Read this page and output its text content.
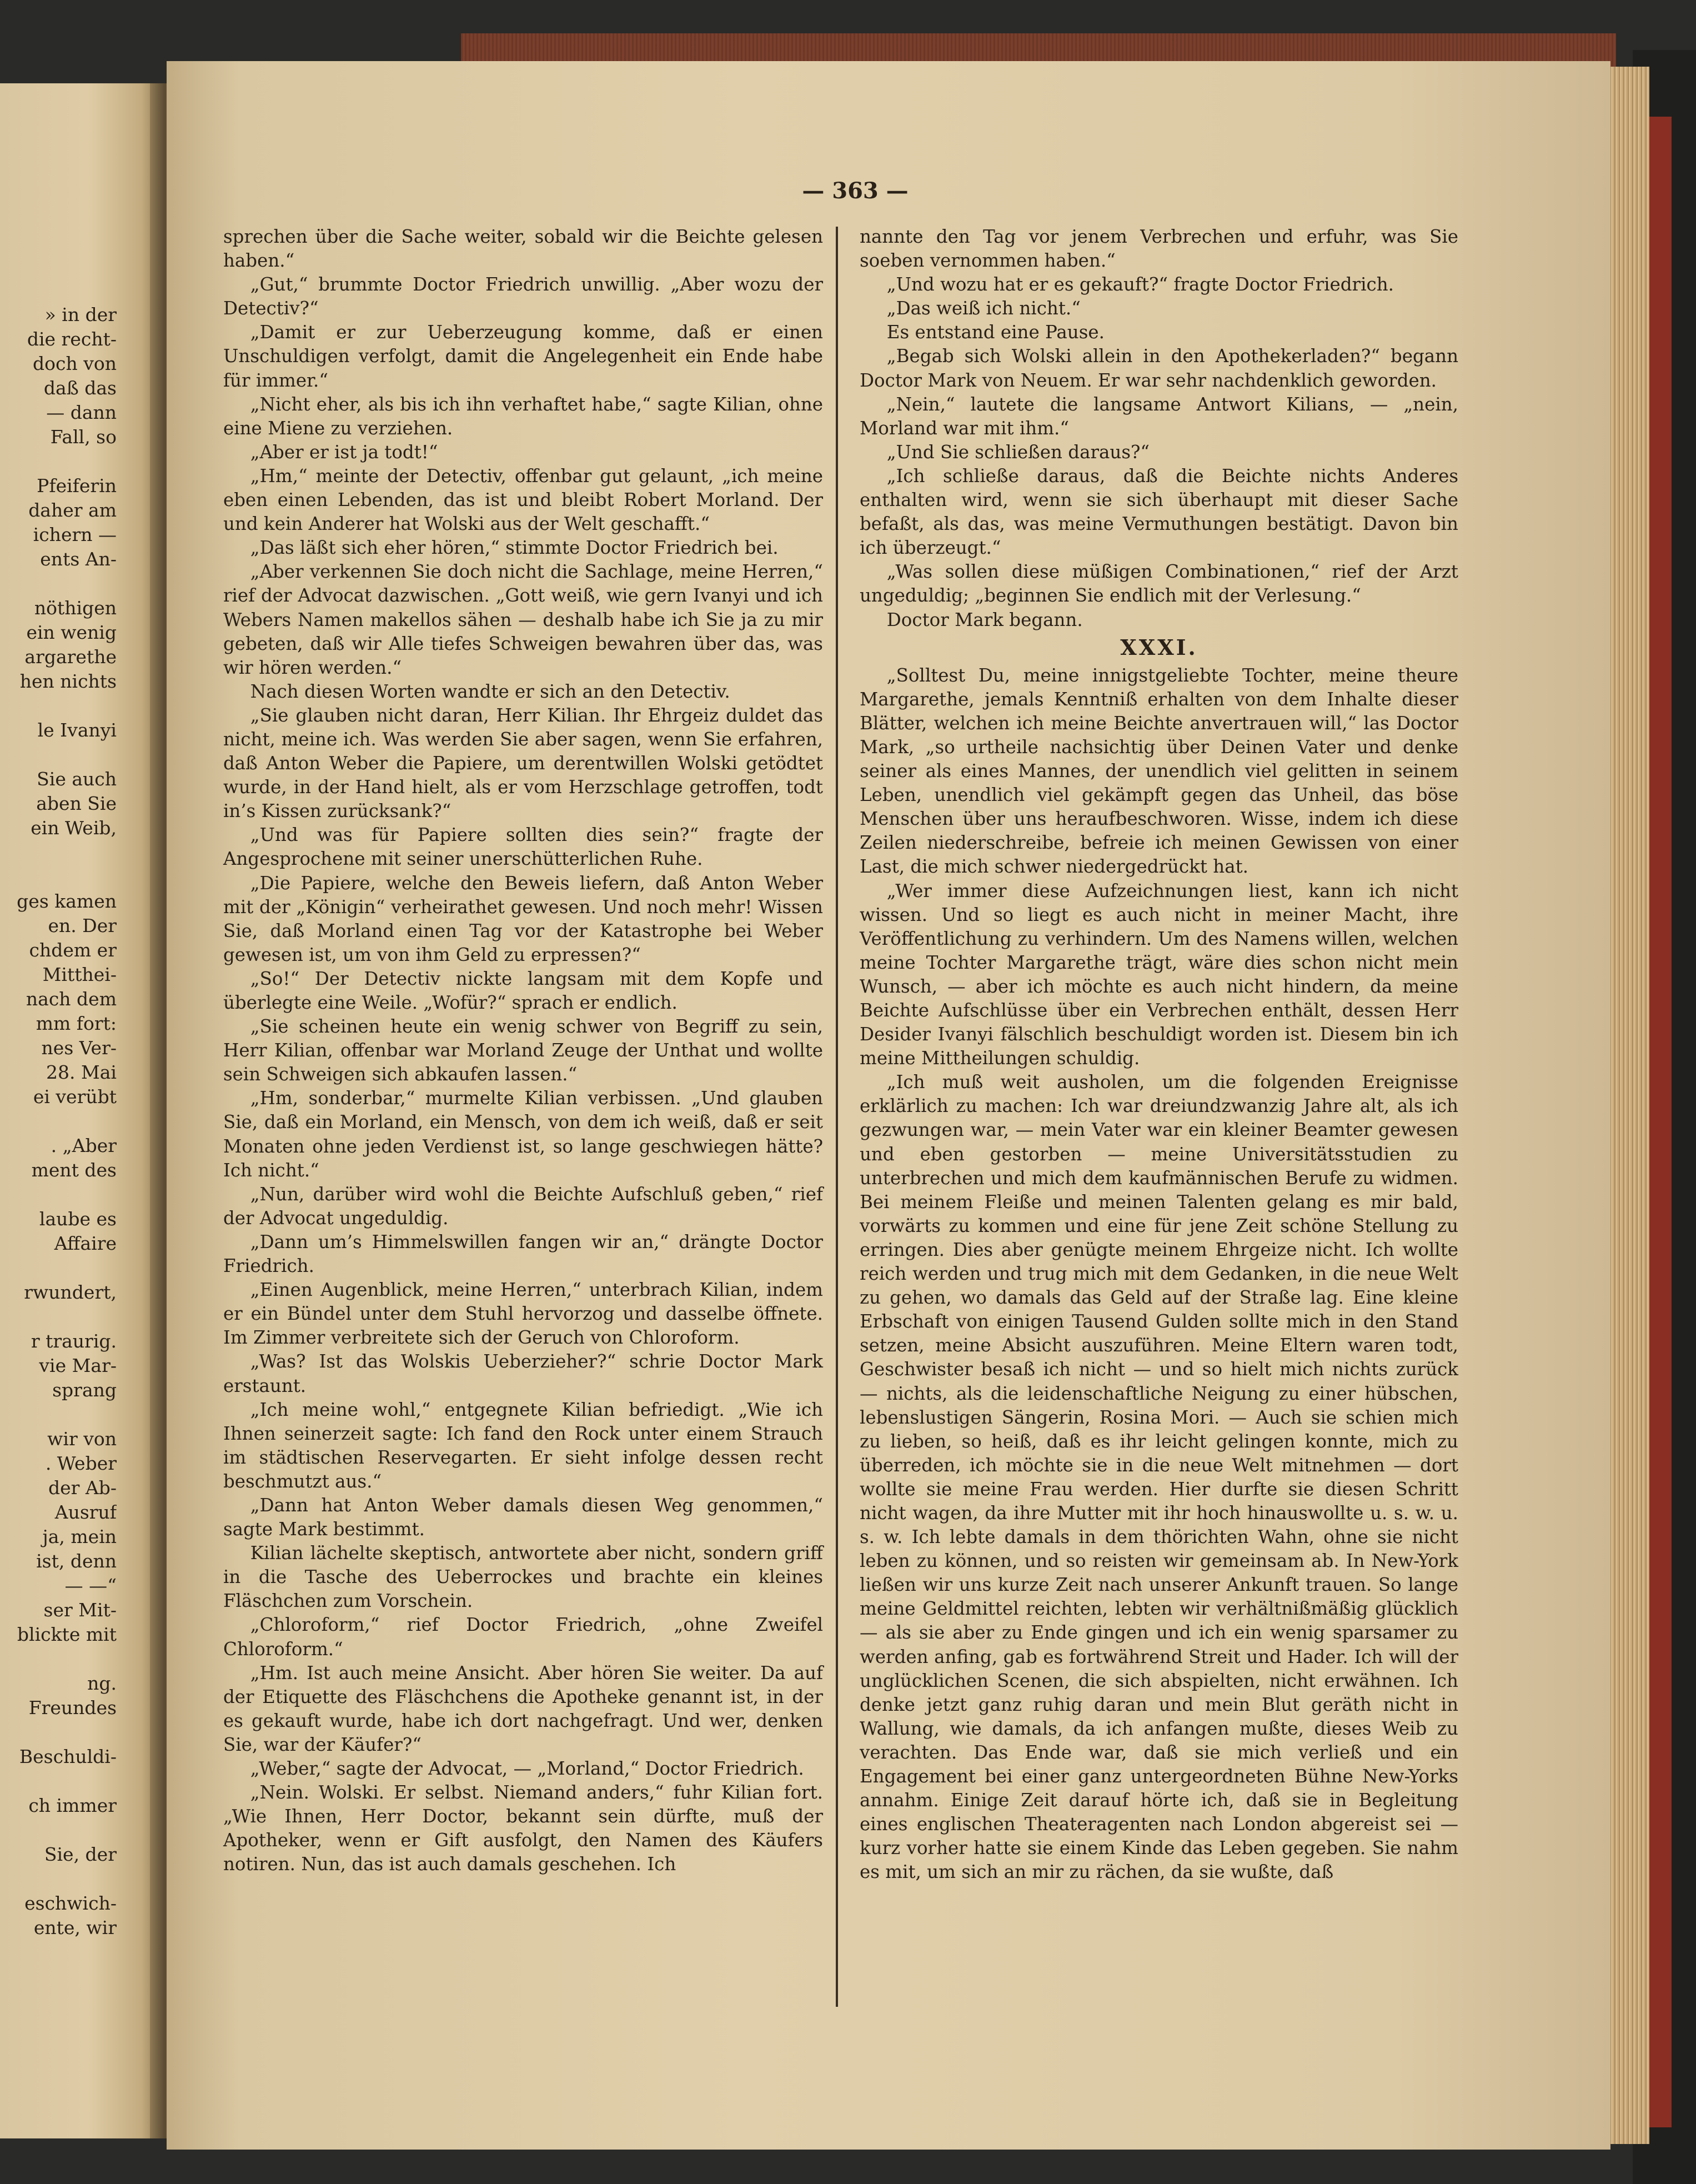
» in der
die recht-
doch von
daß das
— dann
Fall, so
Pfeiferin
daher am
ichern —
ents An-
nöthigen
ein wenig
argarethe
hen nichts
le Ivanyi
Sie auch
aben Sie
ein Weib,
ges kamen
en. Der
chdem er
Mitthei-
nach dem
mm fort:
nes Ver-
28. Mai
ei verübt
. „Aber
ment des
laube es
Affaire
rwundert,
r traurig.
vie Mar-
sprang
wir von
. Weber
der Ab-
Ausruf
ja, mein
ist, denn
— —“
ser Mit-
blickte mit
ng.
Freundes
Beschuldi-
ch immer
Sie, der
eschwich-
ente, wir
— 363 —

sprechen über die Sache weiter, sobald wir die Beichte gelesen haben.“

„Gut,“ brummte Doctor Friedrich unwillig. „Aber wozu der Detectiv?“

„Damit er zur Ueberzeugung komme, daß er einen Unschuldigen verfolgt, damit die Angelegenheit ein Ende habe für immer.“

„Nicht eher, als bis ich ihn verhaftet habe,“ sagte Kilian, ohne eine Miene zu verziehen.

„Aber er ist ja todt!“

„Hm,“ meinte der Detectiv, offenbar gut gelaunt, „ich meine eben einen Lebenden, das ist und bleibt Robert Morland. Der und kein Anderer hat Wolski aus der Welt geschafft.“

„Das läßt sich eher hören,“ stimmte Doctor Friedrich bei.

„Aber verkennen Sie doch nicht die Sachlage, meine Herren,“ rief der Advocat dazwischen. „Gott weiß, wie gern Ivanyi und ich Webers Namen makellos sähen — deshalb habe ich Sie ja zu mir gebeten, daß wir Alle tiefes Schweigen bewahren über das, was wir hören werden.“

Nach diesen Worten wandte er sich an den Detectiv.

„Sie glauben nicht daran, Herr Kilian. Ihr Ehrgeiz duldet das nicht, meine ich. Was werden Sie aber sagen, wenn Sie erfahren, daß Anton Weber die Papiere, um derentwillen Wolski getödtet wurde, in der Hand hielt, als er vom Herzschlage getroffen, todt in’s Kissen zurücksank?“

„Und was für Papiere sollten dies sein?“ fragte der Angesprochene mit seiner unerschütterlichen Ruhe.

„Die Papiere, welche den Beweis liefern, daß Anton Weber mit der „Königin“ verheirathet gewesen. Und noch mehr! Wissen Sie, daß Morland einen Tag vor der Katastrophe bei Weber gewesen ist, um von ihm Geld zu erpressen?“

„So!“ Der Detectiv nickte langsam mit dem Kopfe und überlegte eine Weile. „Wofür?“ sprach er endlich.

„Sie scheinen heute ein wenig schwer von Begriff zu sein, Herr Kilian, offenbar war Morland Zeuge der Unthat und wollte sein Schweigen sich abkaufen lassen.“

„Hm, sonderbar,“ murmelte Kilian verbissen. „Und glauben Sie, daß ein Morland, ein Mensch, von dem ich weiß, daß er seit Monaten ohne jeden Verdienst ist, so lange geschwiegen hätte? Ich nicht.“

„Nun, darüber wird wohl die Beichte Aufschluß geben,“ rief der Advocat ungeduldig.

„Dann um’s Himmelswillen fangen wir an,“ drängte Doctor Friedrich.

„Einen Augenblick, meine Herren,“ unterbrach Kilian, indem er ein Bündel unter dem Stuhl hervorzog und dasselbe öffnete. Im Zimmer verbreitete sich der Geruch von Chloroform.

„Was? Ist das Wolskis Ueberzieher?“ schrie Doctor Mark erstaunt.

„Ich meine wohl,“ entgegnete Kilian befriedigt. „Wie ich Ihnen seinerzeit sagte: Ich fand den Rock unter einem Strauch im städtischen Reservegarten. Er sieht infolge dessen recht beschmutzt aus.“

„Dann hat Anton Weber damals diesen Weg genommen,“ sagte Mark bestimmt.

Kilian lächelte skeptisch, antwortete aber nicht, sondern griff in die Tasche des Ueberrockes und brachte ein kleines Fläschchen zum Vorschein.

„Chloroform,“ rief Doctor Friedrich, „ohne Zweifel Chloroform.“

„Hm. Ist auch meine Ansicht. Aber hören Sie weiter. Da auf der Etiquette des Fläschchens die Apotheke genannt ist, in der es gekauft wurde, habe ich dort nachgefragt. Und wer, denken Sie, war der Käufer?“

„Weber,“ sagte der Advocat, — „Morland,“ Doctor Friedrich.

„Nein. Wolski. Er selbst. Niemand anders,“ fuhr Kilian fort. „Wie Ihnen, Herr Doctor, bekannt sein dürfte, muß der Apotheker, wenn er Gift ausfolgt, den Namen des Käufers notiren. Nun, das ist auch damals geschehen. Ich

nannte den Tag vor jenem Verbrechen und erfuhr, was Sie soeben vernommen haben.“

„Und wozu hat er es gekauft?“ fragte Doctor Friedrich.

„Das weiß ich nicht.“

Es entstand eine Pause.

„Begab sich Wolski allein in den Apothekerladen?“ begann Doctor Mark von Neuem. Er war sehr nachdenklich geworden.

„Nein,“ lautete die langsame Antwort Kilians, — „nein, Morland war mit ihm.“

„Und Sie schließen daraus?“

„Ich schließe daraus, daß die Beichte nichts Anderes enthalten wird, wenn sie sich überhaupt mit dieser Sache befaßt, als das, was meine Vermuthungen bestätigt. Davon bin ich überzeugt.“

„Was sollen diese müßigen Combinationen,“ rief der Arzt ungeduldig; „beginnen Sie endlich mit der Verlesung.“

Doctor Mark begann.

XXXI.

„Solltest Du, meine innigstgeliebte Tochter, meine theure Margarethe, jemals Kenntniß erhalten von dem Inhalte dieser Blätter, welchen ich meine Beichte anvertrauen will,“ las Doctor Mark, „so urtheile nachsichtig über Deinen Vater und denke seiner als eines Mannes, der unendlich viel gelitten in seinem Leben, unendlich viel gekämpft gegen das Unheil, das böse Menschen über uns heraufbeschworen. Wisse, indem ich diese Zeilen niederschreibe, befreie ich meinen Gewissen von einer Last, die mich schwer niedergedrückt hat.

„Wer immer diese Aufzeichnungen liest, kann ich nicht wissen. Und so liegt es auch nicht in meiner Macht, ihre Veröffentlichung zu verhindern. Um des Namens willen, welchen meine Tochter Margarethe trägt, wäre dies schon nicht mein Wunsch, — aber ich möchte es auch nicht hindern, da meine Beichte Aufschlüsse über ein Verbrechen enthält, dessen Herr Desider Ivanyi fälschlich beschuldigt worden ist. Diesem bin ich meine Mittheilungen schuldig.

„Ich muß weit ausholen, um die folgenden Ereignisse erklärlich zu machen: Ich war dreiundzwanzig Jahre alt, als ich gezwungen war, — mein Vater war ein kleiner Beamter gewesen und eben gestorben — meine Universitätsstudien zu unterbrechen und mich dem kaufmännischen Berufe zu widmen. Bei meinem Fleiße und meinen Talenten gelang es mir bald, vorwärts zu kommen und eine für jene Zeit schöne Stellung zu erringen. Dies aber genügte meinem Ehrgeize nicht. Ich wollte reich werden und trug mich mit dem Gedanken, in die neue Welt zu gehen, wo damals das Geld auf der Straße lag. Eine kleine Erbschaft von einigen Tausend Gulden sollte mich in den Stand setzen, meine Absicht auszuführen. Meine Eltern waren todt, Geschwister besaß ich nicht — und so hielt mich nichts zurück — nichts, als die leidenschaftliche Neigung zu einer hübschen, lebenslustigen Sängerin, Rosina Mori. — Auch sie schien mich zu lieben, so heiß, daß es ihr leicht gelingen konnte, mich zu überreden, ich möchte sie in die neue Welt mitnehmen — dort wollte sie meine Frau werden. Hier durfte sie diesen Schritt nicht wagen, da ihre Mutter mit ihr hoch hinauswollte u. s. w. u. s. w. Ich lebte damals in dem thörichten Wahn, ohne sie nicht leben zu können, und so reisten wir gemeinsam ab. In New-York ließen wir uns kurze Zeit nach unserer Ankunft trauen. So lange meine Geldmittel reichten, lebten wir verhältnißmäßig glücklich — als sie aber zu Ende gingen und ich ein wenig sparsamer zu werden anfing, gab es fortwährend Streit und Hader. Ich will der unglücklichen Scenen, die sich abspielten, nicht erwähnen. Ich denke jetzt ganz ruhig daran und mein Blut geräth nicht in Wallung, wie damals, da ich anfangen mußte, dieses Weib zu verachten. Das Ende war, daß sie mich verließ und ein Engagement bei einer ganz untergeordneten Bühne New-Yorks annahm. Einige Zeit darauf hörte ich, daß sie in Begleitung eines englischen Theateragenten nach London abgereist sei — kurz vorher hatte sie einem Kinde das Leben gegeben. Sie nahm es mit, um sich an mir zu rächen, da sie wußte, daß
